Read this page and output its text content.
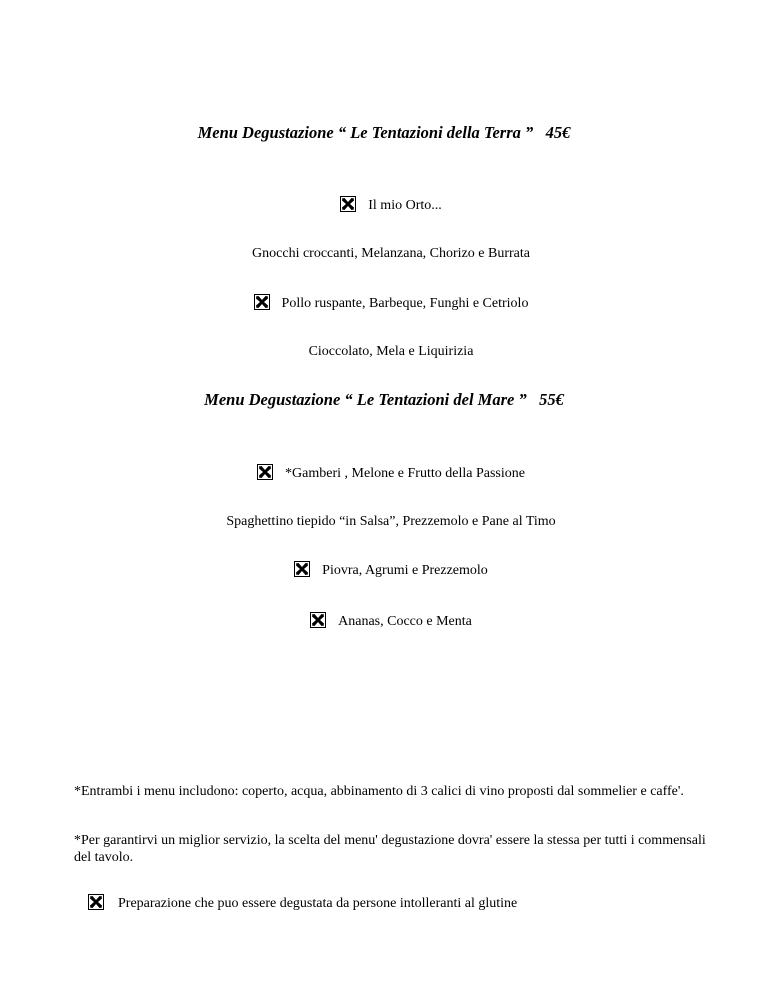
Menu Degustazione “ Le Tentazioni della Terra ”   45€

Il mio Orto...

Gnocchi croccanti, Melanzana, Chorizo e Burrata

Pollo ruspante, Barbeque, Funghi e Cetriolo

Cioccolato, Mela e Liquirizia

Menu Degustazione “ Le Tentazioni del Mare ”   55€

*Gamberi , Melone e Frutto della Passione

Spaghettino tiepido “in Salsa”, Prezzemolo e Pane al Timo

Piovra, Agrumi e Prezzemolo

Ananas, Cocco e Menta

*Entrambi i menu includono: coperto, acqua, abbinamento di 3 calici di vino proposti dal sommelier e caffe'.

*Per garantirvi un miglior servizio, la scelta del menu' degustazione dovra' essere la stessa per tutti i commensali del tavolo.

Preparazione che puo essere degustata da persone intolleranti al glutine
